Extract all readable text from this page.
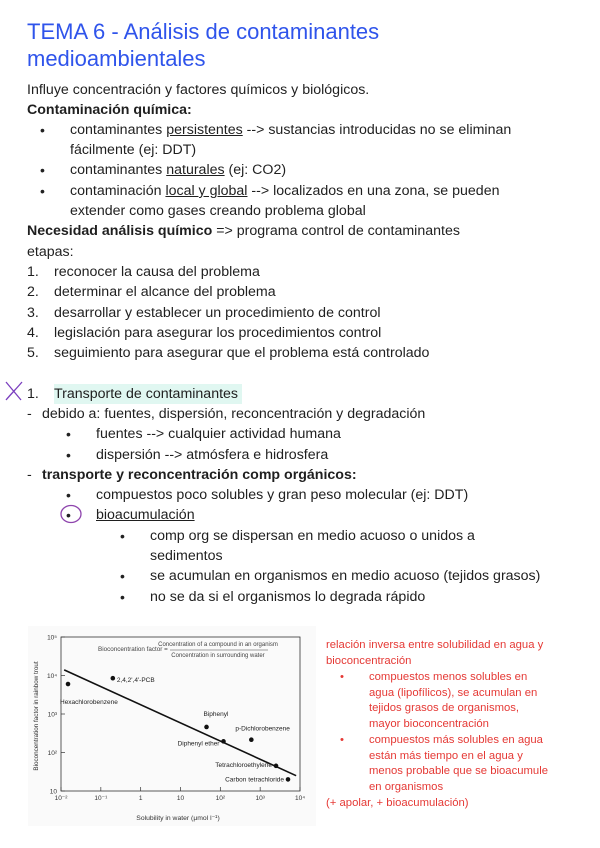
TEMA 6 - Análisis de contaminantes
medioambientales
Influye concentración y factores químicos y biológicos.
Contaminación química:
• contaminantes persistentes --> sustancias introducidas no se eliminan
fácilmente (ej: DDT)
• contaminantes naturales (ej: CO2)
• contaminación local y global --> localizados en una zona, se pueden
extender como gases creando problema global
Necesidad análisis químico => programa control de contaminantes
etapas:
1. reconocer la causa del problema
2. determinar el alcance del problema
3. desarrollar y establecer un procedimiento de control
4. legislación para asegurar los procedimientos control
5. seguimiento para asegurar que el problema está controlado
1. Transporte de contaminantes
- debido a: fuentes, dispersión, reconcentración y degradación
• fuentes --> cualquier actividad humana
• dispersión --> atmósfera e hidrosfera
- transporte y reconcentración comp orgánicos:
• compuestos poco solubles y gran peso molecular (ej: DDT)
• bioacumulación
• comp org se dispersan en medio acuoso o unidos a
sedimentos
• se acumulan en organismos en medio acuoso (tejidos grasos)
• no se da si el organismos lo degrada rápido
Bioconcentration factor =
Concentration of a compound in an organism
Concentration in surrounding water
Solubility in water (μmol l⁻¹)
Bioconcentration factor in rainbow trout
10⁻²	10⁻¹	1	10	10²	10³	10⁴
10
10²
10³
10⁴
10⁵
Hexachlorobenzene
2,4,2',4'-PCB
Biphenyl
Diphenyl ether
p-Dichlorobenzene
Tetrachloroethylene
Carbon tetrachloride
relación inversa entre solubilidad en agua y
bioconcentración
• compuestos menos solubles en
agua (lipofílicos), se acumulan en
tejidos grasos de organismos,
mayor bioconcentración
• compuestos más solubles en agua
están más tiempo en el agua y
menos probable que se bioacumule
en organismos
(+ apolar, + bioacumulación)
